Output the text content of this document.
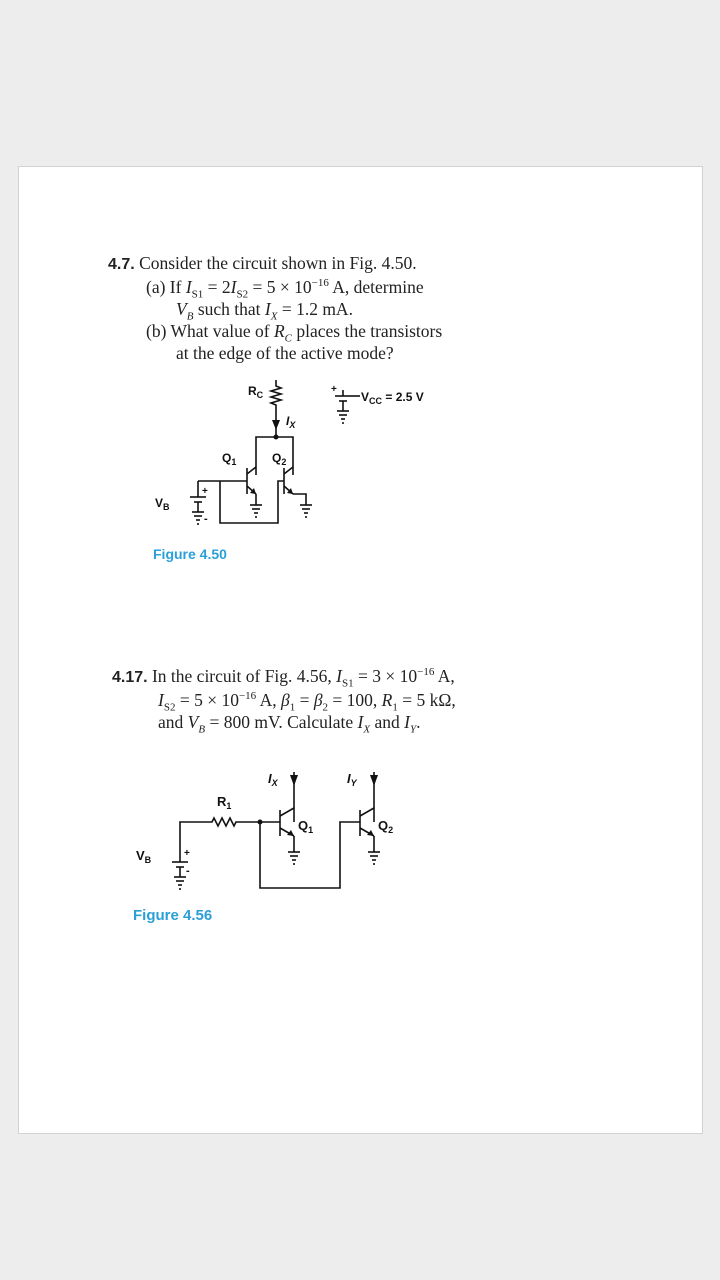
4.7. Consider the circuit shown in Fig. 4.50.
(a) If $I_{S1} = 2I_{S2} = 5 \times 10^{-16}$ A, determine
$V_B$ such that $I_X = 1.2$ mA.
(b) What value of $R_C$ places the transistors
at the edge of the active mode?
4.17. In the circuit of Fig. 4.56, $I_{S1} = 3 \times 10^{-16}$ A,
$I_{S2} = 5 \times 10^{-16}$ A, $\beta_1 = \beta_2 = 100$, $R_1 = 5$ kΩ,
and $V_B = 800$ mV. Calculate $I_X$ and $I_Y$.
$R_C$	$V_{CC} = 2.5$ V
$I_X$
$Q_1$	$Q_2$
$V_B$
+
-
+
$I_X$	$I_Y$
$R_1$
$Q_1$	$Q_2$
$V_B$
+
-
Figure 4.50
Figure 4.56
